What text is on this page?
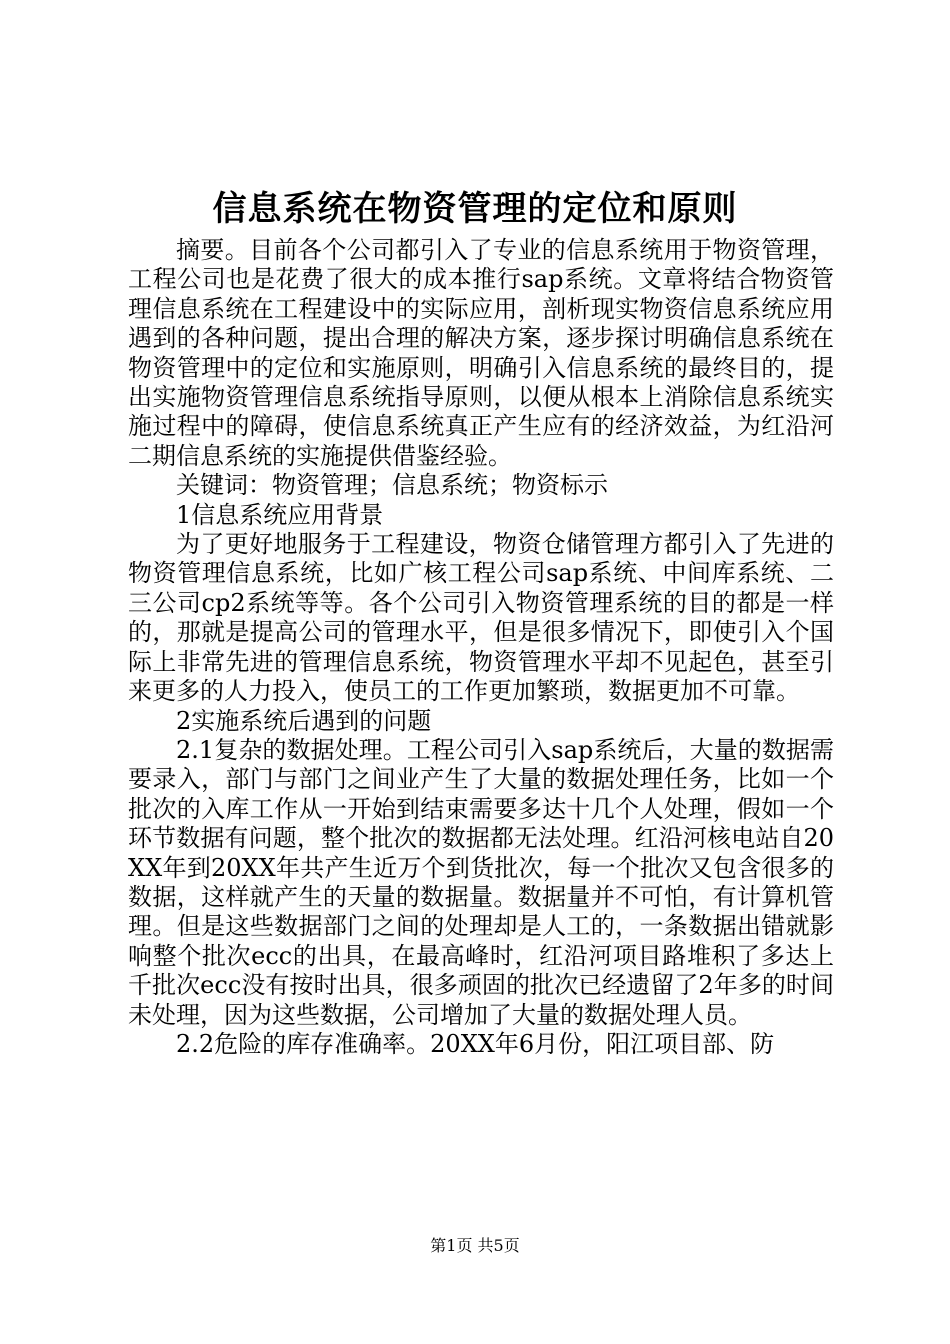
信息系统在物资管理的定位和原则

摘要。目前各个公司都引入了专业的信息系统用于物资管理，工程公司也是花费了很大的成本推行sap系统。文章将结合物资管理信息系统在工程建设中的实际应用，剖析现实物资信息系统应用遇到的各种问题，提出合理的解决方案，逐步探讨明确信息系统在物资管理中的定位和实施原则，明确引入信息系统的最终目的，提出实施物资管理信息系统指导原则，以便从根本上消除信息系统实施过程中的障碍，使信息系统真正产生应有的经济效益，为红沿河二期信息系统的实施提供借鉴经验。

关键词：物资管理；信息系统；物资标示

1信息系统应用背景

为了更好地服务于工程建设，物资仓储管理方都引入了先进的物资管理信息系统，比如广核工程公司sap系统、中间库系统、二三公司cp2系统等等。各个公司引入物资管理系统的目的都是一样的，那就是提高公司的管理水平，但是很多情况下，即使引入个国际上非常先进的管理信息系统，物资管理水平却不见起色，甚至引来更多的人力投入，使员工的工作更加繁琐，数据更加不可靠。

2实施系统后遇到的问题

2.1复杂的数据处理。工程公司引入sap系统后，大量的数据需要录入，部门与部门之间业产生了大量的数据处理任务，比如一个批次的入库工作从一开始到结束需要多达十几个人处理，假如一个环节数据有问题，整个批次的数据都无法处理。红沿河核电站自20XX年到20XX年共产生近万个到货批次，每一个批次又包含很多的数据，这样就产生的天量的数据量。数据量并不可怕，有计算机管理。但是这些数据部门之间的处理却是人工的，一条数据出错就影响整个批次ecc的出具，在最高峰时，红沿河项目路堆积了多达上千批次ecc没有按时出具，很多顽固的批次已经遗留了2年多的时间未处理，因为这些数据，公司增加了大量的数据处理人员。

2.2危险的库存准确率。20XX年6月份，阳江项目部、防

第1页 共5页
